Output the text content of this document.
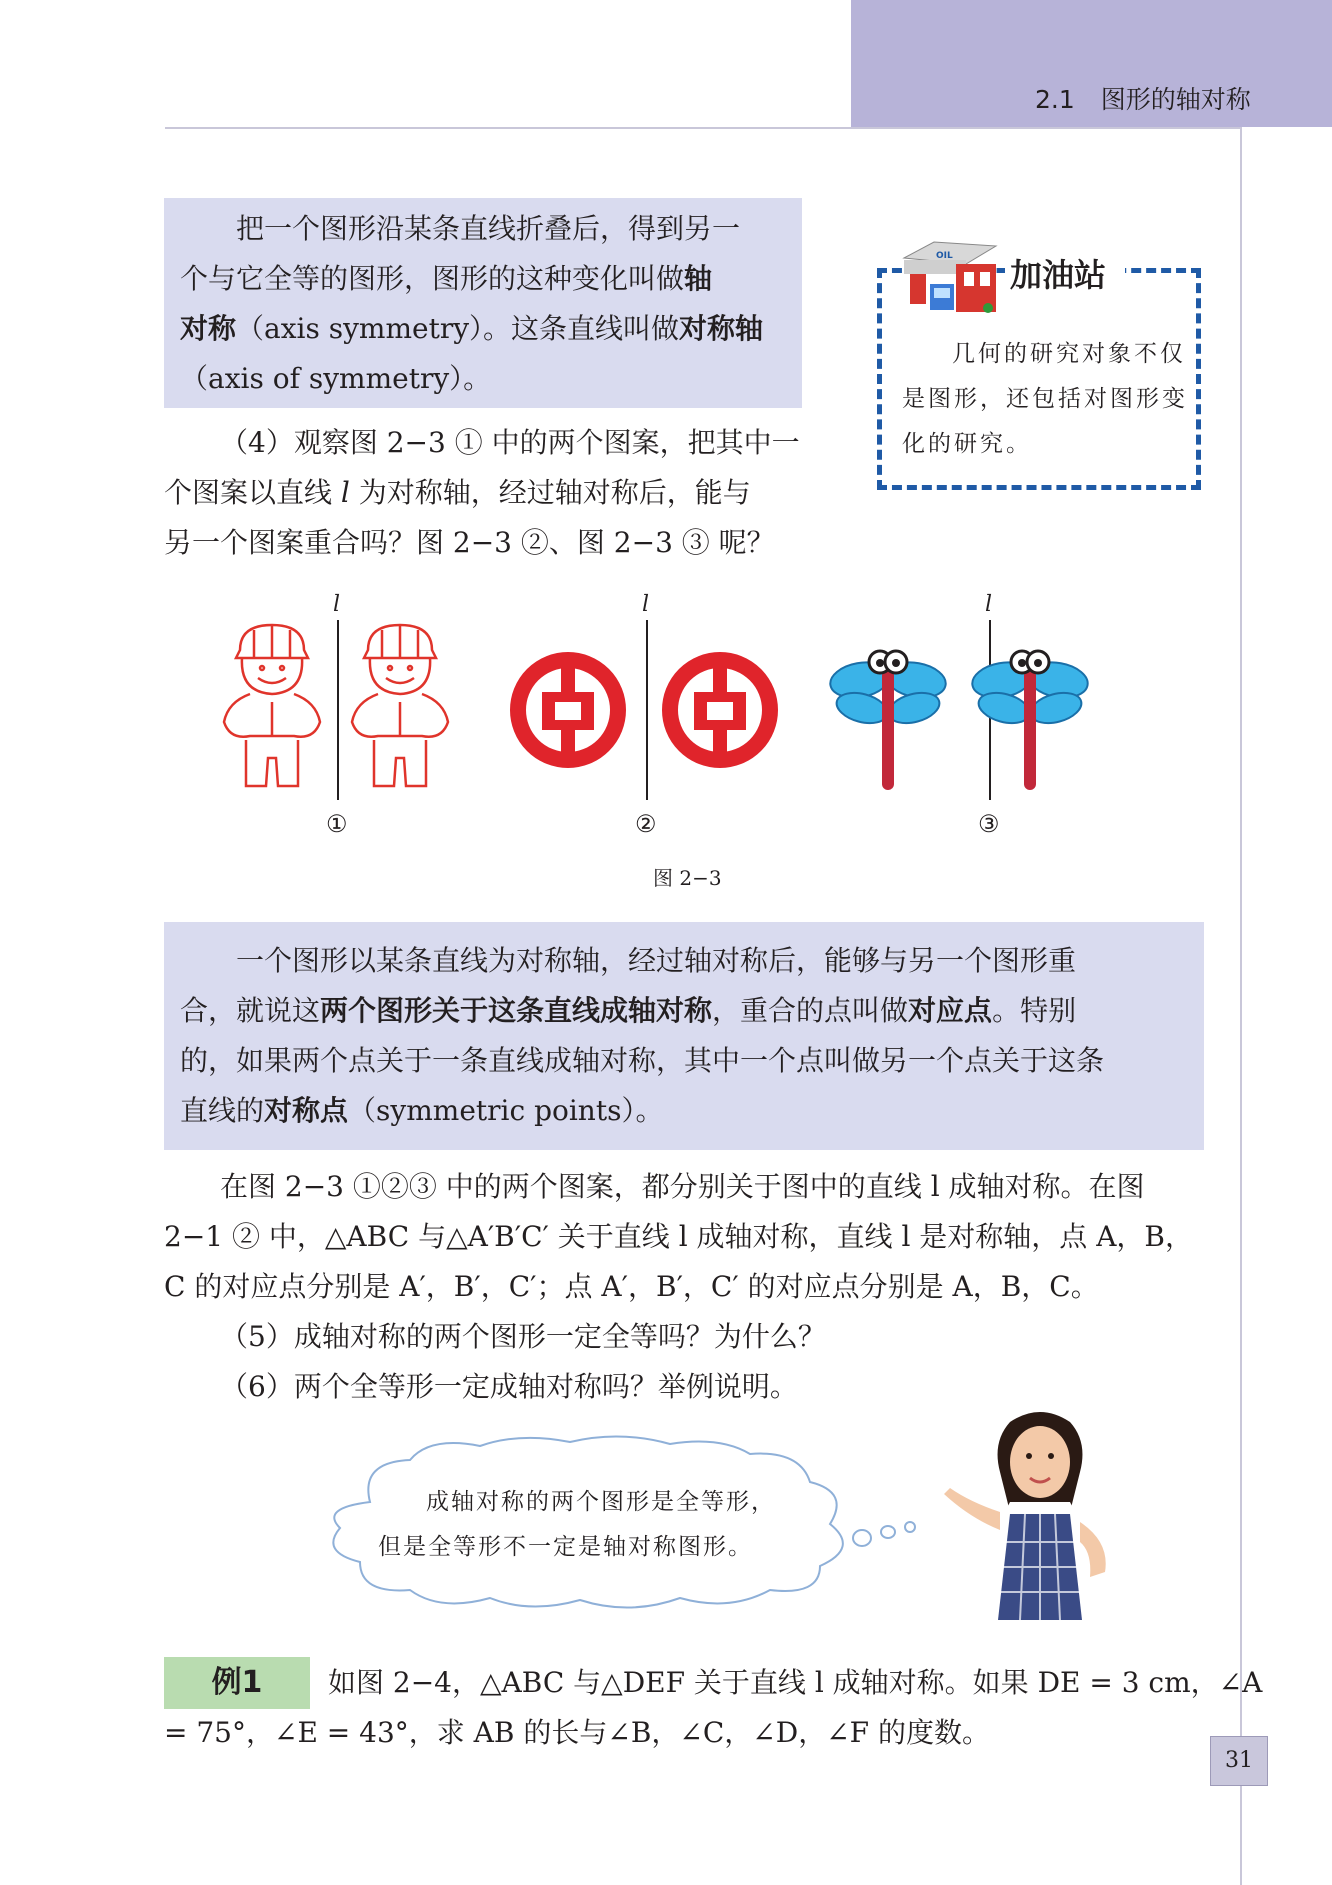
2.1 图形的轴对称
把一个图形沿某条直线折叠后，得到另一
个与它全等的图形，图形的这种变化叫做轴
对称（axis symmetry）。这条直线叫做对称轴
（axis of symmetry）。
OIL 加油站
几何的研究对象不仅是图形，还包括对图形变化的研究。
（4）观察图 2−3 ① 中的两个图案，把其中一
个图案以直线 l 为对称轴，经过轴对称后，能与
另一个图案重合吗？图 2−3 ②、图 2−3 ③ 呢？
l	l	l
①	②	③
图 2−3
一个图形以某条直线为对称轴，经过轴对称后，能够与另一个图形重
合，就说这两个图形关于这条直线成轴对称，重合的点叫做对应点。特别
的，如果两个点关于一条直线成轴对称，其中一个点叫做另一个点关于这条
直线的对称点（symmetric points）。
在图 2−3 ①②③ 中的两个图案，都分别关于图中的直线 l 成轴对称。在图
2−1 ② 中，△ABC 与△A′B′C′ 关于直线 l 成轴对称，直线 l 是对称轴，点 A，B，
C 的对应点分别是 A′，B′，C′；点 A′，B′，C′ 的对应点分别是 A，B，C。
（5）成轴对称的两个图形一定全等吗？为什么？
（6）两个全等形一定成轴对称吗？举例说明。
成轴对称的两个图形是全等形，
但是全等形不一定是轴对称图形。
例1	如图 2−4，△ABC 与△DEF 关于直线 l 成轴对称。如果 DE = 3 cm，∠A
= 75°，∠E = 43°，求 AB 的长与∠B，∠C，∠D，∠F 的度数。
31
